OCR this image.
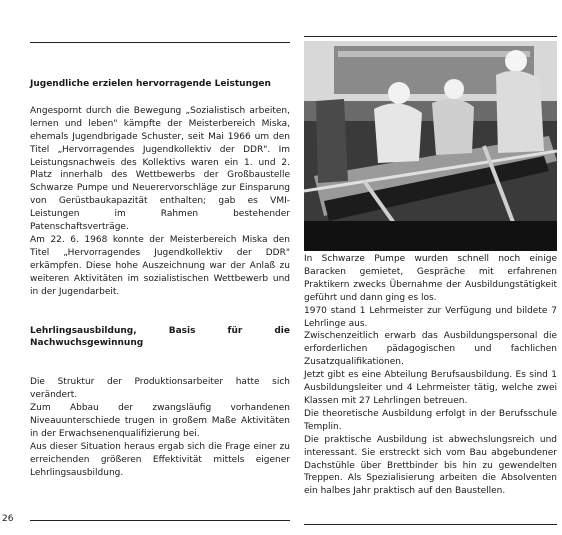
Jugendliche erzielen hervorragende Leistungen

Angespornt durch die Bewegung „Sozialistisch arbeiten, lernen und leben" kämpfte der Meisterbereich Miska, ehemals Jugendbrigade Schuster, seit Mai 1966 um den Titel „Hervorragendes Jugendkollektiv der DDR". Im Leistungsnachweis des Kollektivs waren ein 1. und 2. Platz innerhalb des Wettbewerbs der Großbaustelle Schwarze Pumpe und Neuerervorschläge zur Einsparung von Gerüstbaukapazität enthalten; gab es VMI-Leistungen im Rahmen bestehender Patenschaftsverträge.

Am 22. 6. 1968 konnte der Meisterbereich Miska den Titel „Hervorragendes Jugendkollektiv der DDR" erkämpfen. Diese hohe Auszeichnung war der Anlaß zu weiteren Aktivitäten im sozialistischen Wettbewerb und in der Jugendarbeit.

Lehrlingsausbildung, Basis für die Nachwuchsgewinnung

Die Struktur der Produktionsarbeiter hatte sich verändert.

Zum Abbau der zwangsläufig vorhandenen Niveauunterschiede trugen in großem Maße Aktivitäten in der Erwachsenenqualifizierung bei.

Aus dieser Situation heraus ergab sich die Frage einer zu erreichenden größeren Effektivität mittels eigener Lehrlingsausbildung.

In Schwarze Pumpe wurden schnell noch einige Baracken gemietet, Gespräche mit erfahrenen Praktikern zwecks Übernahme der Ausbildungstätigkeit geführt und dann ging es los.

1970 stand 1 Lehrmeister zur Verfügung und bildete 7 Lehrlinge aus.

Zwischenzeitlich erwarb das Ausbildungspersonal die erforderlichen pädagogischen und fachlichen Zusatzqualifikationen.

Jetzt gibt es eine Abteilung Berufsausbildung. Es sind 1 Ausbildungsleiter und 4 Lehrmeister tätig, welche zwei Klassen mit 27 Lehrlingen betreuen.

Die theoretische Ausbildung erfolgt in der Berufsschule Templin.

Die praktische Ausbildung ist abwechslungsreich und interessant. Sie erstreckt sich vom Bau abgebundener Dachstühle über Brettbinder bis hin zu gewendelten Treppen. Als Spezialisierung arbeiten die Absolventen ein halbes Jahr praktisch auf den Baustellen.

26
